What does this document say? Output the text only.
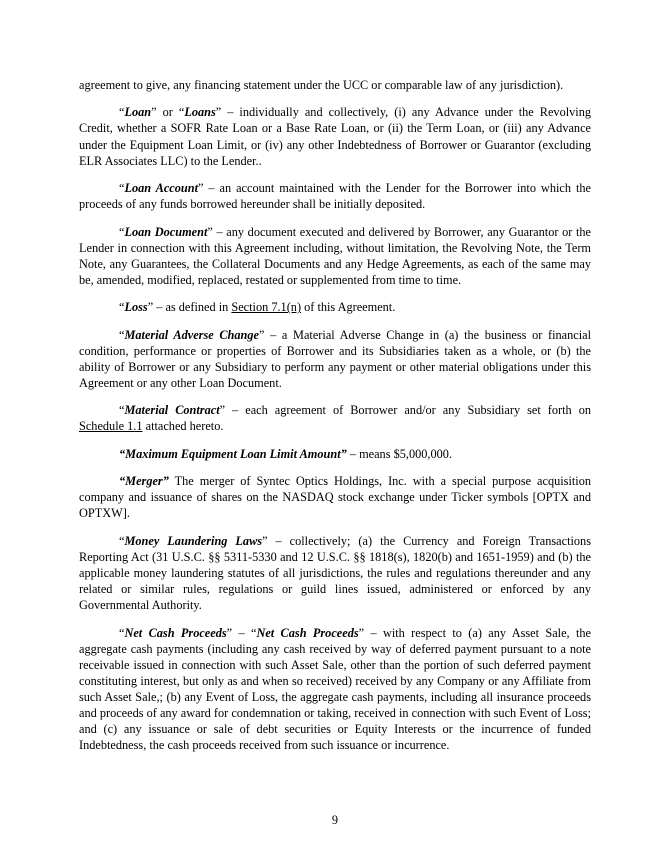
agreement to give, any financing statement under the UCC or comparable law of any jurisdiction).

“Loan” or “Loans” – individually and collectively, (i) any Advance under the Revolving Credit, whether a SOFR Rate Loan or a Base Rate Loan, or (ii) the Term Loan, or (iii) any Advance under the Equipment Loan Limit, or (iv) any other Indebtedness of Borrower or Guarantor (excluding ELR Associates LLC) to the Lender..

“Loan Account” – an account maintained with the Lender for the Borrower into which the proceeds of any funds borrowed hereunder shall be initially deposited.

“Loan Document” – any document executed and delivered by Borrower, any Guarantor or the Lender in connection with this Agreement including, without limitation, the Revolving Note, the Term Note, any Guarantees, the Collateral Documents and any Hedge Agreements, as each of the same may be, amended, modified, replaced, restated or supplemented from time to time.

“Loss” – as defined in Section 7.1(n) of this Agreement.

“Material Adverse Change” – a Material Adverse Change in (a) the business or financial condition, performance or properties of Borrower and its Subsidiaries taken as a whole, or (b) the ability of Borrower or any Subsidiary to perform any payment or other material obligations under this Agreement or any other Loan Document.

“Material Contract” – each agreement of Borrower and/or any Subsidiary set forth on Schedule 1.1 attached hereto.

“Maximum Equipment Loan Limit Amount” – means $5,000,000.

“Merger” The merger of Syntec Optics Holdings, Inc. with a special purpose acquisition company and issuance of shares on the NASDAQ stock exchange under Ticker symbols [OPTX and OPTXW].

“Money Laundering Laws” – collectively; (a) the Currency and Foreign Transactions Reporting Act (31 U.S.C. §§ 5311-5330 and 12 U.S.C. §§ 1818(s), 1820(b) and 1651-1959) and (b) the applicable money laundering statutes of all jurisdictions, the rules and regulations thereunder and any related or similar rules, regulations or guild lines issued, administered or enforced by any Governmental Authority.

“Net Cash Proceeds” – “Net Cash Proceeds” – with respect to (a) any Asset Sale, the aggregate cash payments (including any cash received by way of deferred payment pursuant to a note receivable issued in connection with such Asset Sale, other than the portion of such deferred payment constituting interest, but only as and when so received) received by any Company or any Affiliate from such Asset Sale,; (b) any Event of Loss, the aggregate cash payments, including all insurance proceeds and proceeds of any award for condemnation or taking, received in connection with such Event of Loss; and (c) any issuance or sale of debt securities or Equity Interests or the incurrence of funded Indebtedness, the cash proceeds received from such issuance or incurrence.

9
